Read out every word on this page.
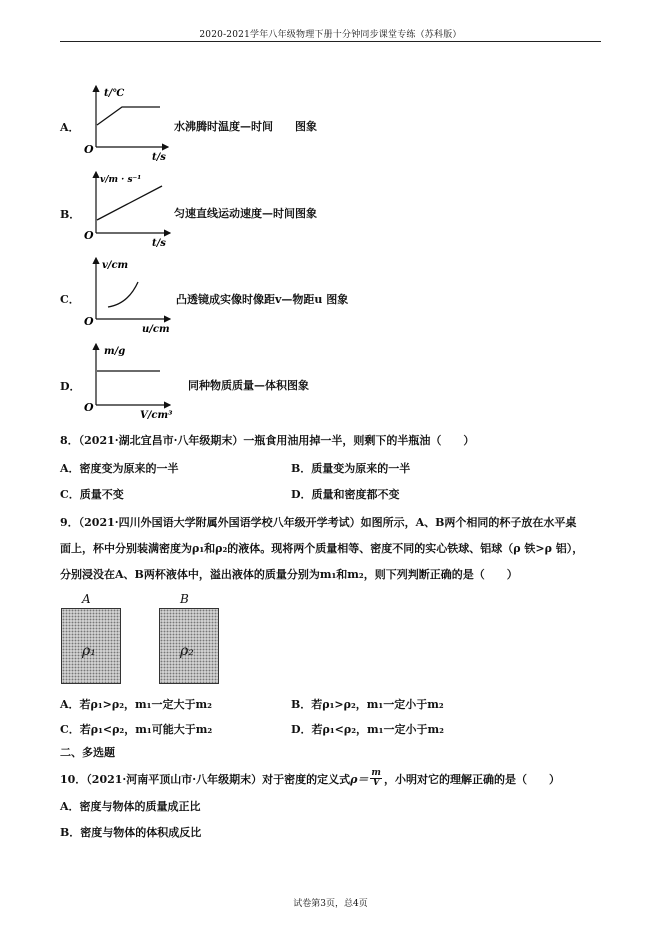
2020-2021学年八年级物理下册十分钟同步课堂专练（苏科版）
A．
t/℃
O
t/s
水沸腾时温度—时间　　图象
B．
v/m · s⁻¹
O
t/s
匀速直线运动速度—时间图象
C．
v/cm
O
u/cm
凸透镜成实像时像距v—物距u 图象
D．
m/g
O
V/cm³
同种物质质量—体积图象
8．（2021·湖北宜昌市·八年级期末）一瓶食用油用掉一半，则剩下的半瓶油（　　）
A．密度变为原来的一半	B．质量变为原来的一半
C．质量不变	D．质量和密度都不变
9．（2021·四川外国语大学附属外国语学校八年级开学考试）如图所示，A、B两个相同的杯子放在水平桌
面上，杯中分别装满密度为ρ₁和ρ₂的液体。现将两个质量相等、密度不同的实心铁球、铝球（ρ 铁>ρ 铝），
分别浸没在A、B两杯液体中，溢出液体的质量分别为m₁和m₂，则下列判断正确的是（　　）
A
ρ₁
B
ρ₂
A．若ρ₁>ρ₂，m₁一定大于m₂	B．若ρ₁>ρ₂，m₁一定小于m₂
C．若ρ₁<ρ₂，m₁可能大于m₂	D．若ρ₁<ρ₂，m₁一定小于m₂
二、多选题
10．（2021·河南平顶山市·八年级期末）对于密度的定义式 $\rho= \frac{m}{V}$ ，小明对它的理解正确的是（　　）
A．密度与物体的质量成正比
B．密度与物体的体积成反比
试卷第3页，总4页
